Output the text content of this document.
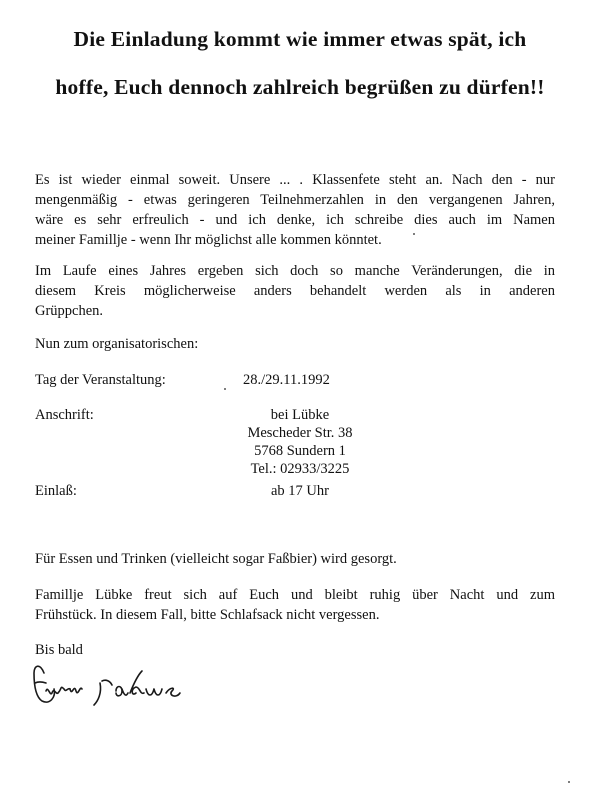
Die Einladung kommt wie immer etwas spät, ich
hoffe, Euch dennoch zahlreich begrüßen zu dürfen!!
Es ist wieder einmal soweit. Unsere ... . Klassenfete steht an. Nach den - nur
mengenmäßig - etwas geringeren Teilnehmerzahlen in den vergangenen Jahren,
wäre es sehr erfreulich - und ich denke, ich schreibe dies auch im Namen
meiner Famillje - wenn Ihr möglichst alle kommen könntet.
Im Laufe eines Jahres ergeben sich doch so manche Veränderungen, die in
diesem Kreis möglicherweise anders behandelt werden als in anderen
Grüppchen.
Nun zum organisatorischen:
Tag der Veranstaltung:	28./29.11.1992
Anschrift:	bei Lübke
Mescheder Str. 38
5768 Sundern 1
Tel.: 02933/3225
Einlaß:	ab 17 Uhr
Für Essen und Trinken (vielleicht sogar Faßbier) wird gesorgt.
Famillje Lübke freut sich auf Euch und bleibt ruhig über Nacht und zum
Frühstück. In diesem Fall, bitte Schlafsack nicht vergessen.
Bis bald
